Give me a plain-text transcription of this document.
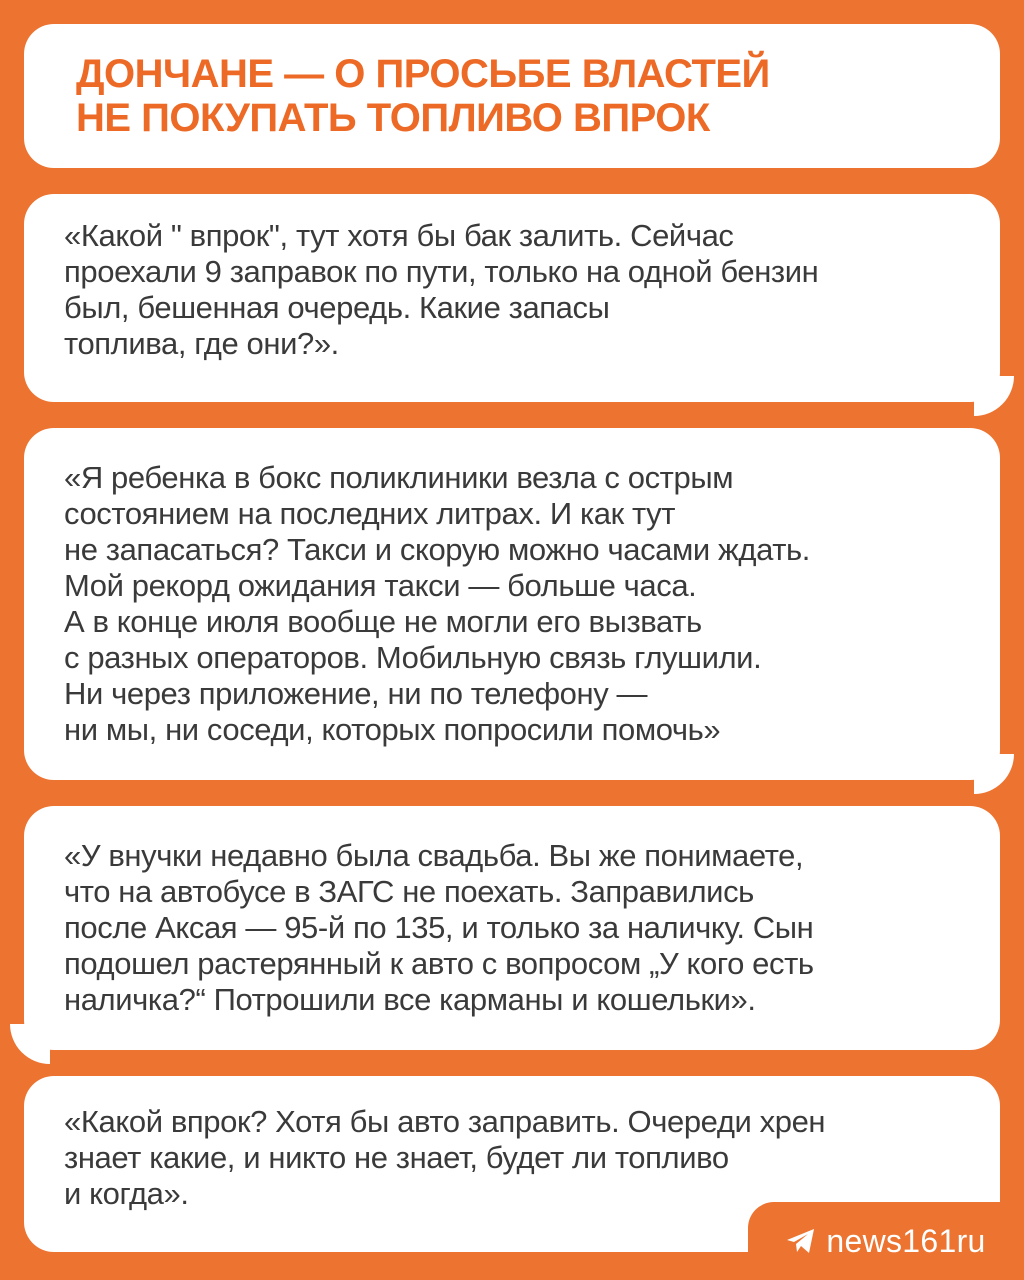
ДОНЧАНЕ — О ПРОСЬБЕ ВЛАСТЕЙ
НЕ ПОКУПАТЬ ТОПЛИВО ВПРОК
«Какой " впрок", тут хотя бы бак залить. Сейчас
проехали 9 заправок по пути, только на одной бензин
был, бешенная очередь. Какие запасы
топлива, где они?».
«Я ребенка в бокс поликлиники везла с острым
состоянием на последних литрах. И как тут
не запасаться? Такси и скорую можно часами ждать.
Мой рекорд ожидания такси — больше часа.
А в конце июля вообще не могли его вызвать
с разных операторов. Мобильную связь глушили.
Ни через приложение, ни по телефону —
ни мы, ни соседи, которых попросили помочь»
«У внучки недавно была свадьба. Вы же понимаете,
что на автобусе в ЗАГС не поехать. Заправились
после Аксая — 95-й по 135, и только за наличку. Сын
подошел растерянный к авто с вопросом „У кого есть
наличка?“ Потрошили все карманы и кошельки».
«Какой впрок? Хотя бы авто заправить. Очереди хрен
знает какие, и никто не знает, будет ли топливо
и когда».
news161ru
